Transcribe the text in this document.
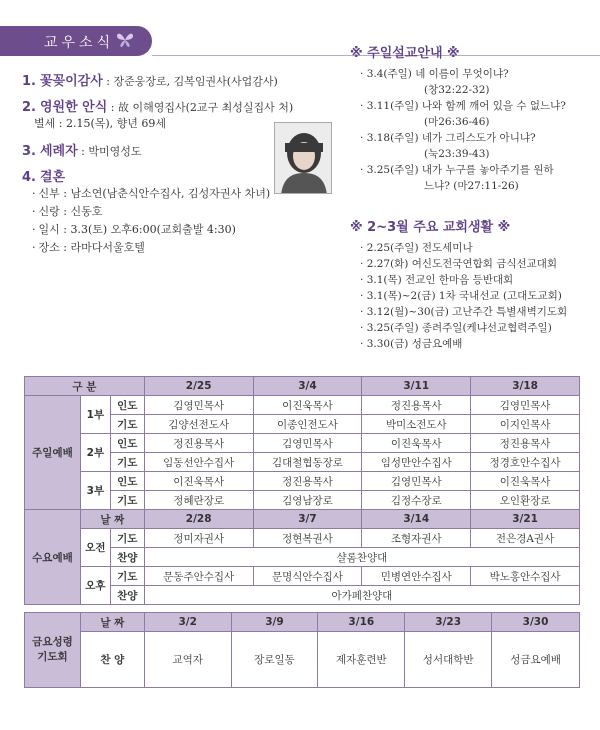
교우소식
1. 꽃꽂이감사 : 장준웅장로, 김복임권사(사업감사)
2. 영원한 안식 : 故 이해영집사(2교구 최성실집사 처)
별세 : 2.15(목), 향년 69세
3. 세례자 : 박미영성도
4. 결혼
· 신부 : 남소연(남춘식안수집사, 김성자권사 차녀)
· 신랑 : 신동호
· 일시 : 3.3(토) 오후6:00(교회출발 4:30)
· 장소 : 라마다서울호텔
※ 주일설교안내 ※
· 3.4(주일) 네 이름이 무엇이냐?
(창32:22-32)
· 3.11(주일) 나와 함께 깨어 있을 수 없느냐?
(마26:36-46)
· 3.18(주일) 네가 그리스도가 아니냐?
(눅23:39-43)
· 3.25(주일) 내가 누구를 놓아주기를 원하
느냐? (마27:11-26)
※ 2~3월 주요 교회생활 ※
· 2.25(주일) 전도세미나
· 2.27(화) 여신도전국연합회 금식선교대회
· 3.1(목) 전교인 한마음 등반대회
· 3.1(목)~2(금) 1차 국내선교 (고대도교회)
· 3.12(월)~30(금) 고난주간 특별새벽기도회
· 3.25(주일) 종려주일(케냐선교협력주일)
· 3.30(금) 성금요예배
구 분			2/25	3/4	3/11	3/18
주일예배	1부	인도	김영민목사	이진욱목사	정진용목사	김영민목사
		기도	김양선전도사	이종인전도사	박미소전도사	이지인목사
	2부	인도	정진용목사	김영민목사	이진욱목사	정진용목사
		기도	임동선안수집사	김대철협동장로	임성만안수집사	정경호안수집사
	3부	인도	이진욱목사	정진용목사	김영민목사	이진욱목사
		기도	정혜란장로	김영남장로	김정수장로	오인환장로
수요예배	날 짜		2/28	3/7	3/14	3/21
	오전	기도	정미자권사	정현복권사	조형자권사	전은경A권사
		찬양	샬롬찬양대			
	오후	기도	문동주안수집사	문명식안수집사	민병연안수집사	박노홍안수집사
		찬양	아가페찬양대			
금요성령
기도회	날 짜	3/2	3/9	3/16	3/23	3/30
	찬 양	교역자	장로일동	제자훈련반	성서대학반	성금요예배
